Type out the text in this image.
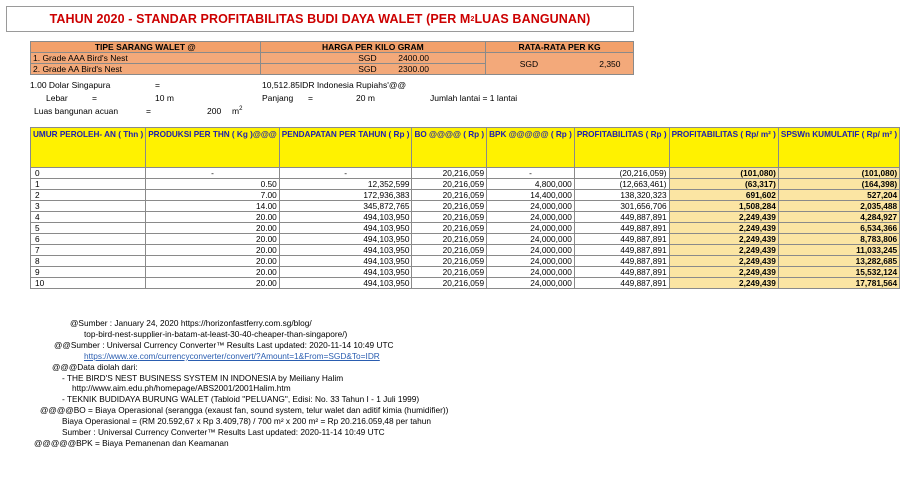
TAHUN 2020 - STANDAR PROFITABILITAS BUDI DAYA WALET (PER M 2 LUAS BANGUNAN)
TIPE SARANG WALET @	HARGA PER KILO GRAM	RATA-RATA PER KG
1. Grade AAA Bird's Nest	SGD 2400.00	SGD 2,350
2. Grade AA Bird's Nest	SGD 2300.00	
1.00 Dolar Singapura	=	10,512.85IDR Indonesia Rupiahs'@@
Lebar	=	10 m	Panjang =	20 m	Jumlah lantai = 1 lantai
Luas bangunan acuan	=	200 $m^2$
UMUR PEROLEH- AN ( Thn )	PRODUKSI PER THN ( Kg )@@@	PENDAPATAN PER TAHUN ( Rp )	BO @@@@ ( Rp )	BPK @@@@@ ( Rp )	PROFITABILITAS ( Rp )	PROFITABILITAS ( Rp/ m² )	SPSWn KUMULATIF ( Rp/ m² )
0	-	-	20,216,059	-	(20,216,059)	(101,080)	(101,080)
1	0.50	12,352,599	20,216,059	4,800,000	(12,663,461)	(63,317)	(164,398)
2	7.00	172,936,383	20,216,059	14,400,000	138,320,323	691,602	527,204
3	14.00	345,872,765	20,216,059	24,000,000	301,656,706	1,508,284	2,035,488
4	20.00	494,103,950	20,216,059	24,000,000	449,887,891	2,249,439	4,284,927
5	20.00	494,103,950	20,216,059	24,000,000	449,887,891	2,249,439	6,534,366
6	20.00	494,103,950	20,216,059	24,000,000	449,887,891	2,249,439	8,783,806
7	20.00	494,103,950	20,216,059	24,000,000	449,887,891	2,249,439	11,033,245
8	20.00	494,103,950	20,216,059	24,000,000	449,887,891	2,249,439	13,282,685
9	20.00	494,103,950	20,216,059	24,000,000	449,887,891	2,249,439	15,532,124
10	20.00	494,103,950	20,216,059	24,000,000	449,887,891	2,249,439	17,781,564
@Sumber : January 24, 2020 https://horizonfastferry.com.sg/blog/
top-bird-nest-supplier-in-batam-at-least-30-40-cheaper-than-singapore/)
@@Sumber : Universal Currency Converter™ Results Last updated: 2020-11-14 10:49 UTC
https://www.xe.com/currencyconverter/convert/?Amount=1&From=SGD&To=IDR
@@@Data diolah dari:
- THE BIRD'S NEST BUSINESS SYSTEM IN INDONESIA by Meiliany Halim
http://www.aim.edu.ph/homepage/ABS2001/2001Halim.htm
- TEKNIK BUDIDAYA BURUNG WALET (Tabloid "PELUANG", Edisi: No. 33 Tahun I - 1 Juli 1999)
@@@@BO = Biaya Operasional (serangga (exaust fan, sound system, telur walet dan aditif kimia (humidifier))
Biaya Operasional = (RM 20.592,67 x Rp 3.409,78) / 700 m² x 200 m² = Rp 20.216.059,48 per tahun
Sumber : Universal Currency Converter™ Results Last updated: 2020-11-14 10:49 UTC
@@@@@BPK = Biaya Pemanenan dan Keamanan
